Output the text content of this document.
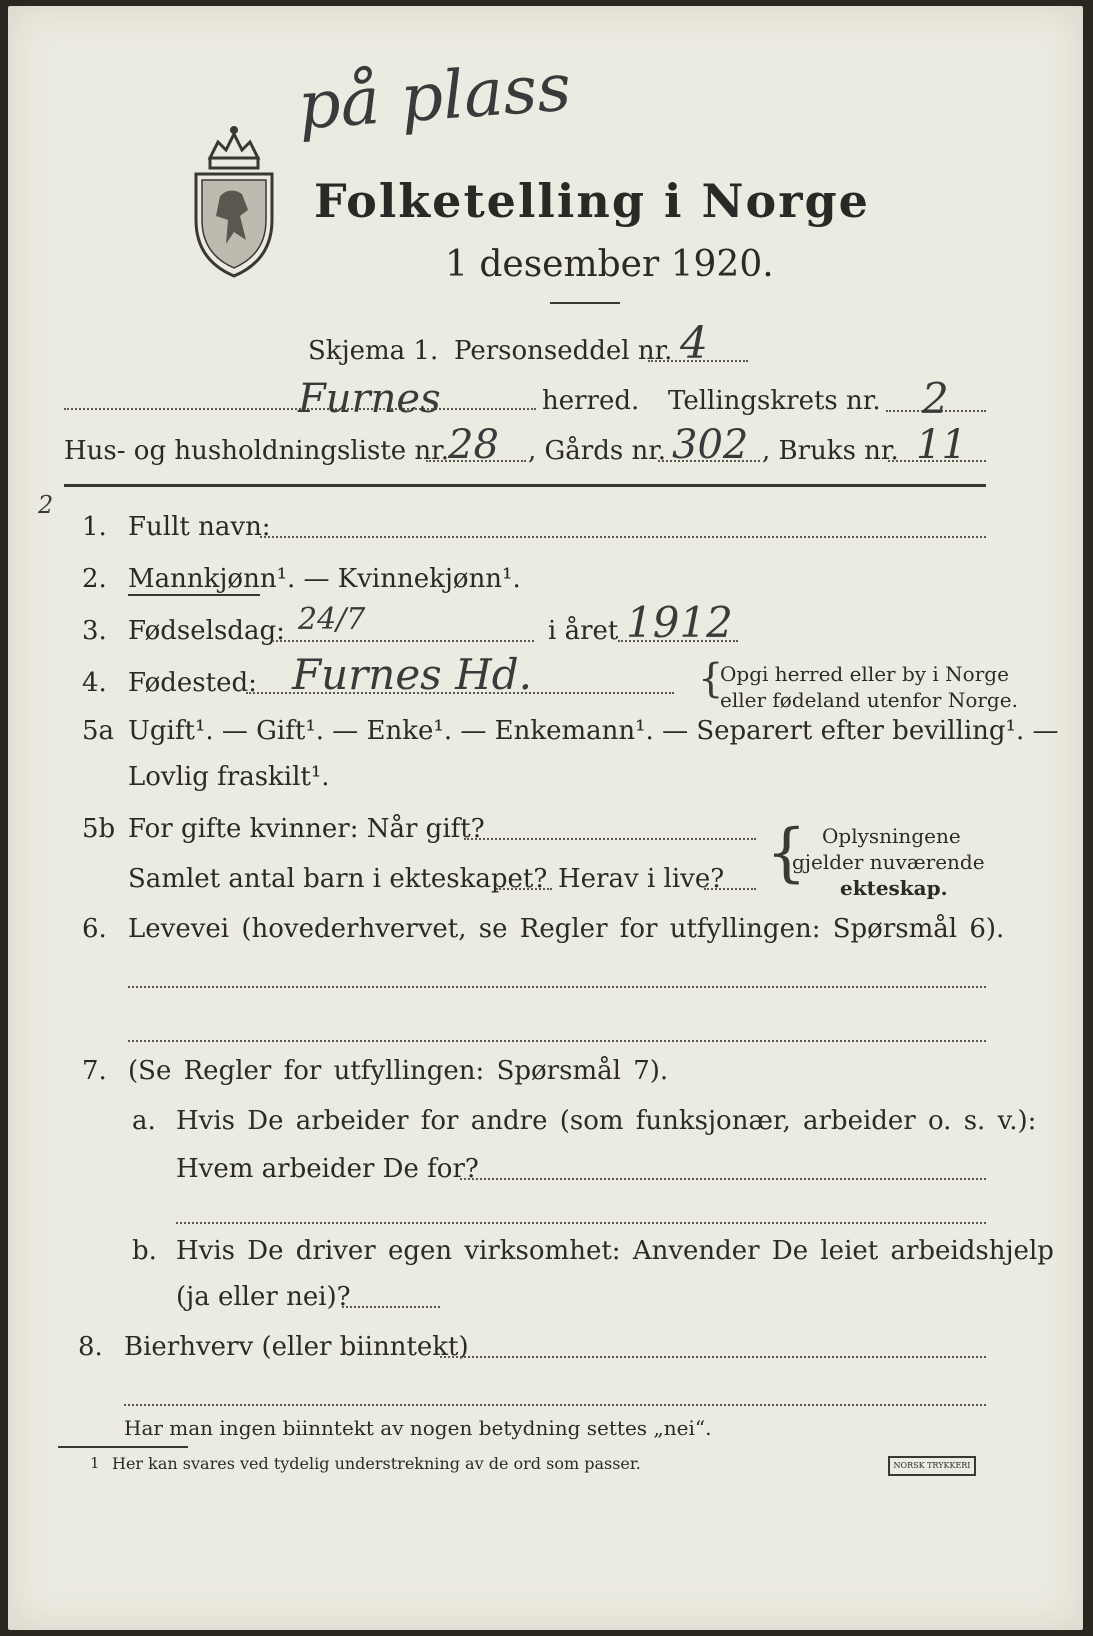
på plass
2
Folketelling i Norge
1 desember 1920.
Skjema 1. Personseddel nr. 4
Furnes	herred. Tellingskrets nr. 2
Hus- og husholdningsliste nr.
28 , Gårds nr. 302 , Bruks nr. 11
1. Fullt navn:
2. Mannkjønn¹. — Kvinnekjønn¹.
3. Fødselsdag: 24/7	i året 1912
4. Fødested: Furnes Hd.	{
Opgi herred eller by i Norge
eller fødeland utenfor Norge.
5a Ugift¹. — Gift¹. — Enke¹. — Enkemann¹. — Separert efter bevilling¹. —
Lovlig fraskilt¹.
5b For gifte kvinner: Når gift?
Samlet antal barn i ekteskapet? Herav i live? { Oplysningene
gjelder nuværende
ekteskap.
6. Levevei (hovederhvervet, se Regler for utfyllingen: Spørsmål 6).
7. (Se Regler for utfyllingen: Spørsmål 7).
a. Hvis De arbeider for andre (som funksjonær, arbeider o. s. v.):
Hvem arbeider De for?
b. Hvis De driver egen virksomhet: Anvender De leiet arbeidshjelp
(ja eller nei)?
8. Bierhverv (eller biinntekt)
Har man ingen biinntekt av nogen betydning settes „nei“.
1 Her kan svares ved tydelig understrekning av de ord som passer.	NORSK TRYKKERI
